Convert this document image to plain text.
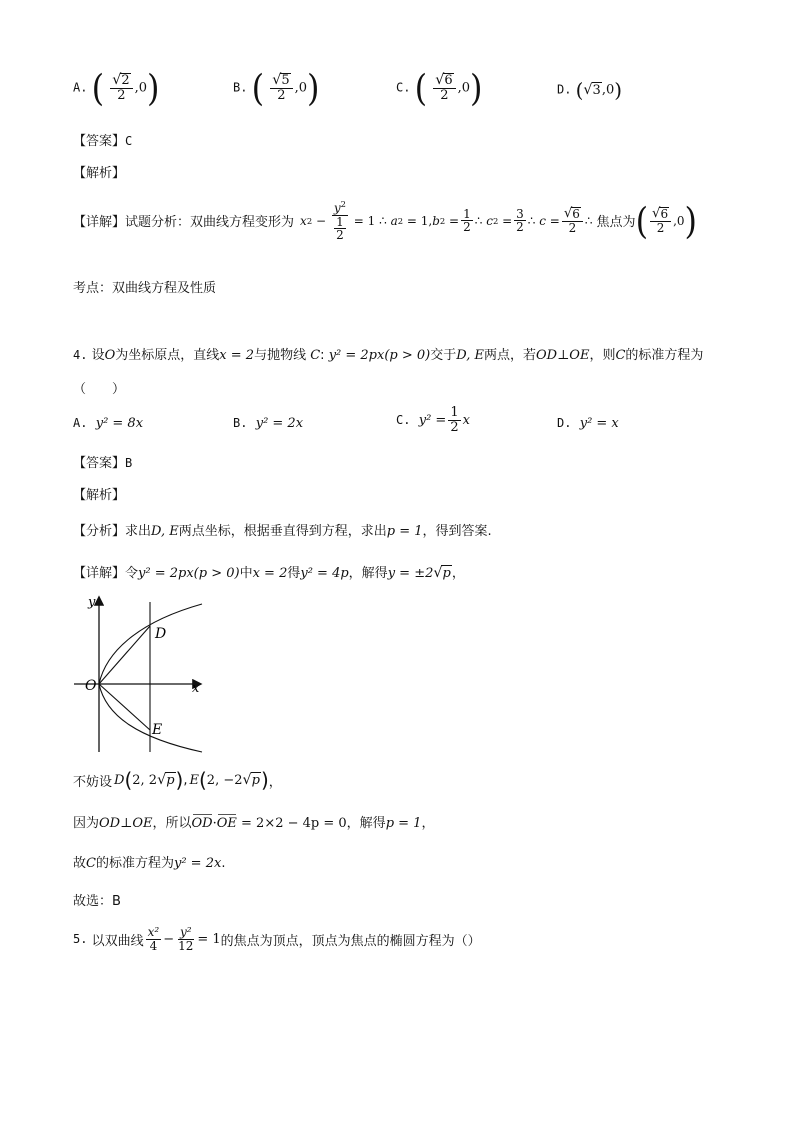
A. ( $\frac{√ 2}{2} ,0$)	B. ( $\frac{√ 5}{2} ,0$)	C. ( $\frac{√ 6}{2} ,0$)	D. ( √ 3 ,0)
【答案】C
【解析】
【详解】 试题分析：双曲线方程变形为 x $2 - \frac{y^2}{\frac{1}{2}} = 1$ ∴ a 2 = 1, b $2 = \frac{1}{2}$ ∴ c $2 = \frac{3}{2}$ ∴ $c = \frac{√ 6}{2}$ ∴ 焦点为 ( $\frac{√ 6}{2} ,0$ )
考点：双曲线方程及性质
4. 设O为坐标原点，直线x = 2与抛物线 C: y² = 2px(p > 0)交于D, E两点，若OD⊥OE，则C的标准方程为
（　　）
A. y² = 8x	B. y² = 2x	C.
$y^2 = \frac{1}{2}$ x	D. y² = x
【答案】B
【解析】
【分析】求出D, E两点坐标，根据垂直得到方程，求出p = 1，得到答案.
【详解】令y² = 2px(p > 0)中x = 2得y² = 4p，解得y = ±2 √ p ，
y
x
O
D
E
不妨设 D ( 2, 2 √ p ) , E ( 2, −2 √ p ) ，
因为OD⊥OE，所以OD·OE = 2×2 − 4p = 0，解得p = 1，
故C的标准方程为y² = 2x.
故选：B
5.
以双曲线 $\frac{\text{x²}}{4} - \frac{\text{y²}}{12} = 1$ 的焦点为顶点，顶点为焦点的椭圆方程为（）
